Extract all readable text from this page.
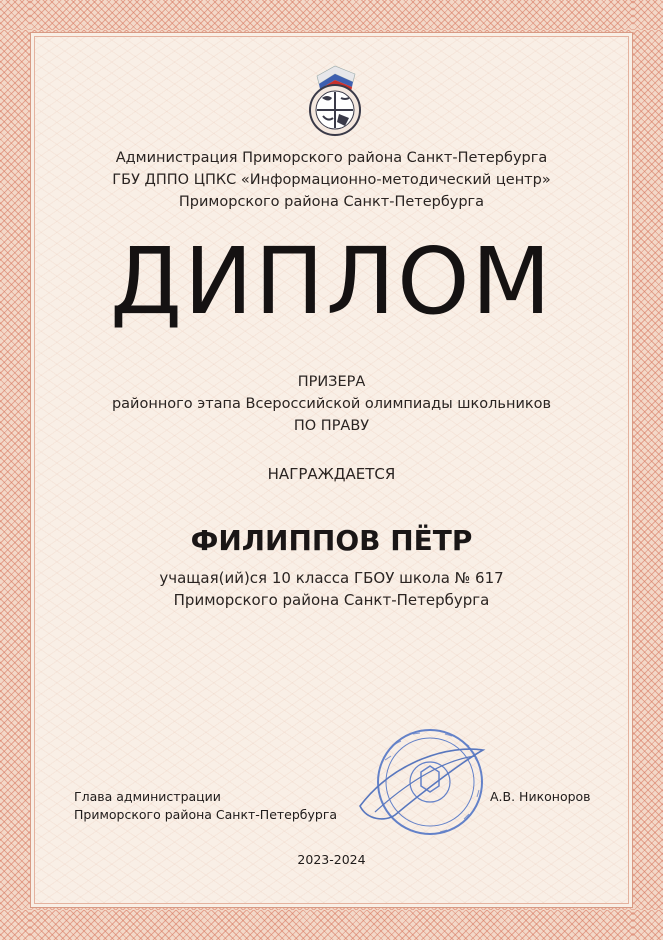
Администрация Приморского района Санкт-Петербурга
ГБУ ДППО ЦПКС «Информационно-методический центр»
Приморского района Санкт-Петербурга
ДИПЛОМ
ПРИЗЕРА
районного этапа Всероссийской олимпиады школьников
ПО ПРАВУ
НАГРАЖДАЕТСЯ
ФИЛИППОВ ПЁТР
учащая(ий)ся 10 класса ГБОУ школа № 617
Приморского района Санкт-Петербурга
Глава администрации
Приморского района Санкт-Петербурга
А.В. Никоноров
2023-2024
